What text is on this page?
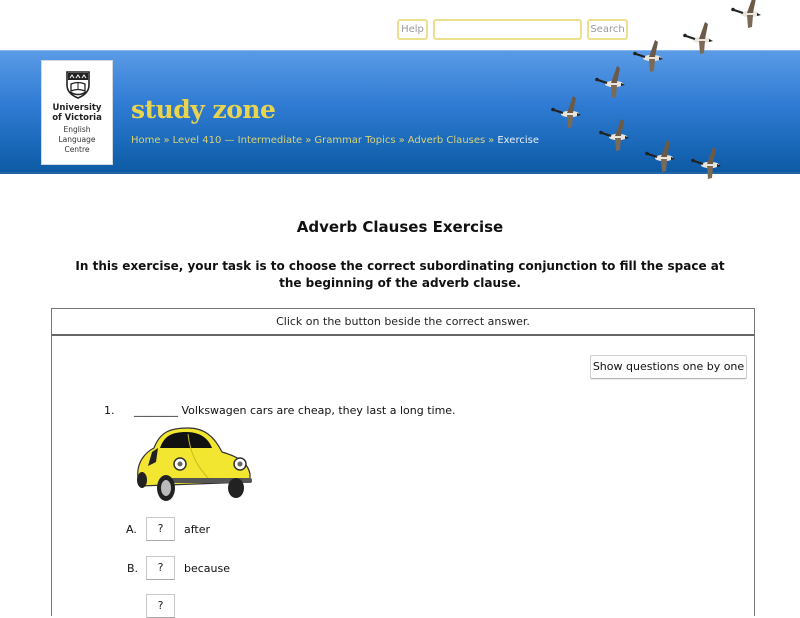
Help	Search
University
of Victoria
English
Language
Centre
study zone
Home » Level 410 — Intermediate » Grammar Topics » Adverb Clauses » Exercise
Adverb Clauses Exercise

In this exercise, your task is to choose the correct subordinating conjunction to fill the space at the beginning of the adverb clause.

Click on the button beside the correct answer.
Show questions one by one
1. ________ Volkswagen cars are cheap, they last a long time.
A.	?	after
B.	?	because
?
